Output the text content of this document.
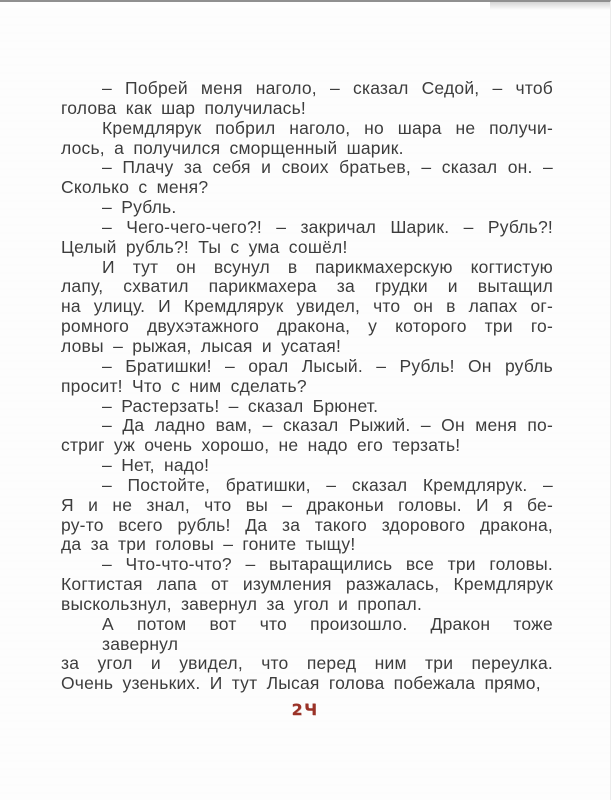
– Побрей меня наголо, – сказал Седой, – чтоб
голова как шар получилась!
Кремдлярук побрил наголо, но шара не получи-
лось, а получился сморщенный шарик.
– Плачу за себя и своих братьев, – сказал он. –
Сколько с меня?
– Рубль.
– Чего-чего-чего?! – закричал Шарик. – Рубль?!
Целый рубль?! Ты с ума сошёл!
И тут он всунул в парикмахерскую когтистую
лапу, схватил парикмахера за грудки и вытащил
на улицу. И Кремдлярук увидел, что он в лапах ог-
ромного двухэтажного дракона, у которого три го-
ловы – рыжая, лысая и усатая!
– Братишки! – орал Лысый. – Рубль! Он рубль
просит! Что с ним сделать?
– Растерзать! – сказал Брюнет.
– Да ладно вам, – сказал Рыжий. – Он меня по-
стриг уж очень хорошо, не надо его терзать!
– Нет, надо!
– Постойте, братишки, – сказал Кремдлярук. –
Я и не знал, что вы – драконьи головы. И я бе-
ру-то всего рубль! Да за такого здорового дракона,
да за три головы – гоните тыщу!
– Что-что-что? – вытаращились все три головы.
Когтистая лапа от изумления разжалась, Кремдлярук
выскользнул, завернул за угол и пропал.
А потом вот что произошло. Дракон тоже завернул
за угол и увидел, что перед ним три переулка.
Очень узеньких. И тут Лысая голова побежала прямо,
2Ч
